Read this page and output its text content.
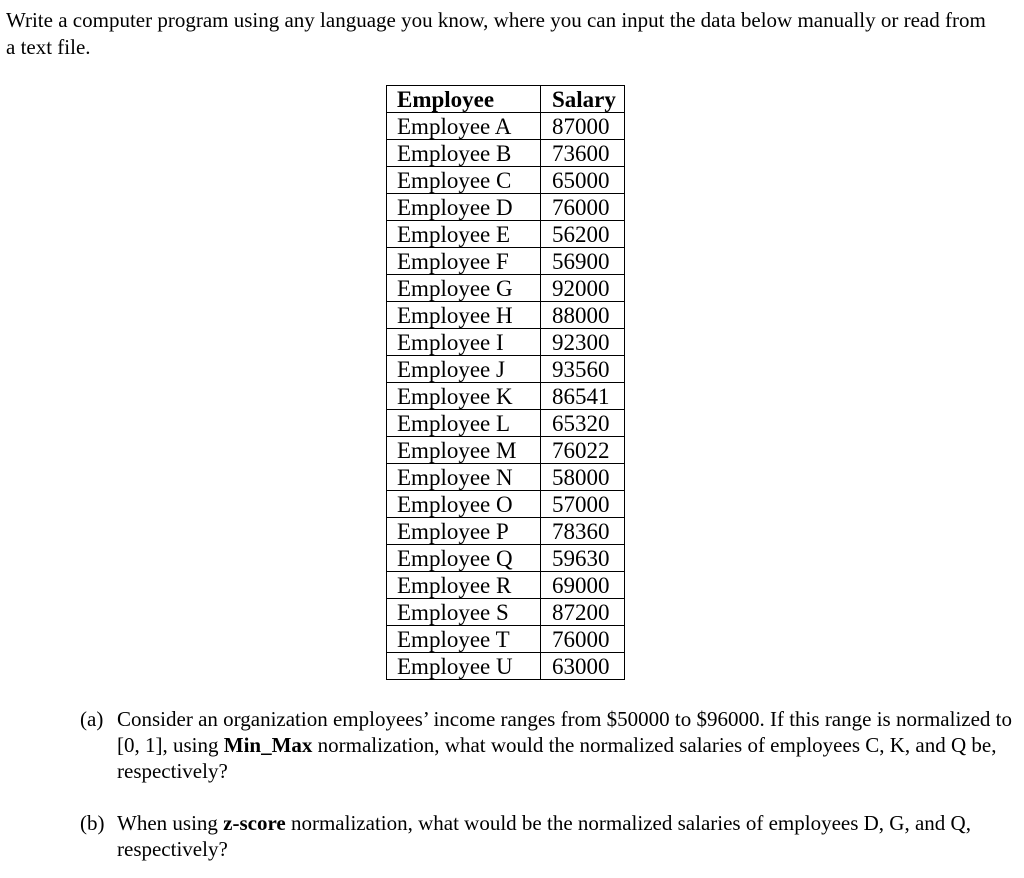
Write a computer program using any language you know, where you can input the data below manually or read from a text file.

Employee	Salary
Employee A	87000
Employee B	73600
Employee C	65000
Employee D	76000
Employee E	56200
Employee F	56900
Employee G	92000
Employee H	88000
Employee I	92300
Employee J	93560
Employee K	86541
Employee L	65320
Employee M	76022
Employee N	58000
Employee O	57000
Employee P	78360
Employee Q	59630
Employee R	69000
Employee S	87200
Employee T	76000
Employee U	63000
(a) Consider an organization employees’ income ranges from $50000 to $96000. If this range is normalized to [0, 1], using Min_Max normalization, what would the normalized salaries of employees C, K, and Q be, respectively?
(b) When using z-score normalization, what would be the normalized salaries of employees D, G, and Q, respectively?
